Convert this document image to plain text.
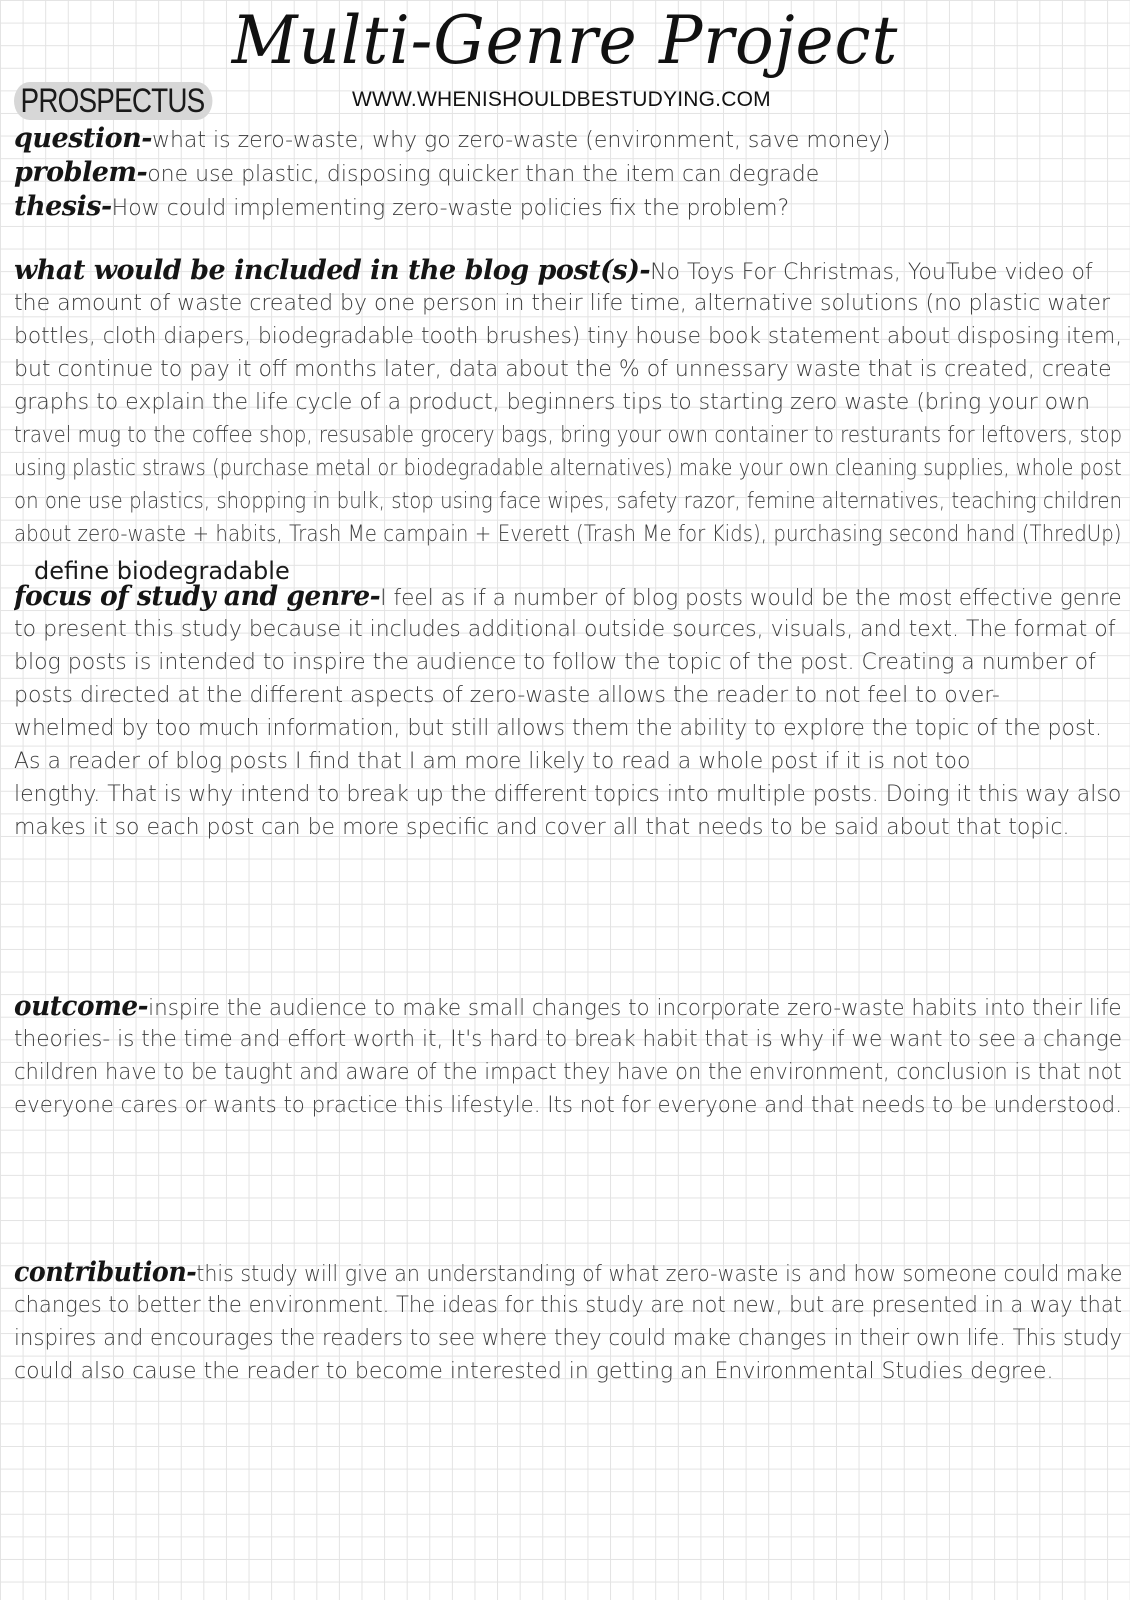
Multi-Genre Project
PROSPECTUS	WWW.WHENISHOULDBESTUDYING.COM
question-what is zero-waste, why go zero-waste (environment, save money)
problem-one use plastic, disposing quicker than the item can degrade
thesis-How could implementing zero-waste policies fix the problem?
what would be included in the blog post(s)-No Toys For Christmas, YouTube video of
the amount of waste created by one person in their life time, alternative solutions (no plastic water
bottles, cloth diapers, biodegradable tooth brushes) tiny house book statement about disposing item,
but continue to pay it off months later, data about the % of unnessary waste that is created, create
graphs to explain the life cycle of a product, beginners tips to starting zero waste (bring your own
travel mug to the coffee shop, resusable grocery bags, bring your own container to resturants for leftovers, stop
using plastic straws (purchase metal or biodegradable alternatives) make your own cleaning supplies, whole post
on one use plastics, shopping in bulk, stop using face wipes, safety razor, femine alternatives, teaching children
about zero-waste + habits, Trash Me campain + Everett (Trash Me for Kids), purchasing second hand (ThredUp)
define biodegradable
focus of study and genre-I feel as if a number of blog posts would be the most effective genre
to present this study because it includes additional outside sources, visuals, and text. The format of
blog posts is intended to inspire the audience to follow the topic of the post. Creating a number of
posts directed at the different aspects of zero-waste allows the reader to not feel to over-
whelmed by too much information, but still allows them the ability to explore the topic of the post.
As a reader of blog posts I find that I am more likely to read a whole post if it is not too
lengthy. That is why intend to break up the different topics into multiple posts. Doing it this way also
makes it so each post can be more specific and cover all that needs to be said about that topic.
outcome-inspire the audience to make small changes to incorporate zero-waste habits into their life
theories- is the time and effort worth it, It's hard to break habit that is why if we want to see a change
children have to be taught and aware of the impact they have on the environment, conclusion is that not
everyone cares or wants to practice this lifestyle. Its not for everyone and that needs to be understood.
contribution-this study will give an understanding of what zero-waste is and how someone could make
changes to better the environment. The ideas for this study are not new, but are presented in a way that
inspires and encourages the readers to see where they could make changes in their own life. This study
could also cause the reader to become interested in getting an Environmental Studies degree.
